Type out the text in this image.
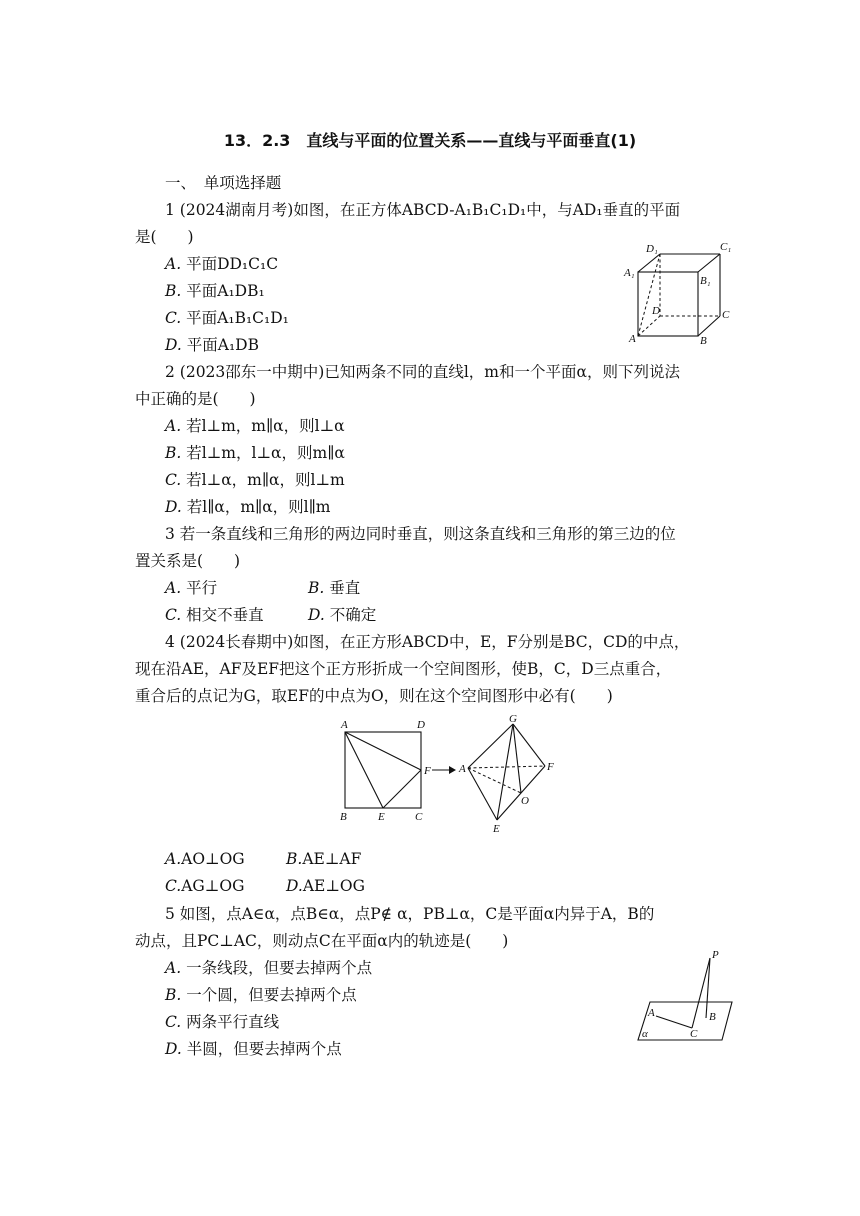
13．2.3　直线与平面的位置关系——直线与平面垂直(1)
一、　单项选择题
1 (2024湖南月考)如图，在正方体ABCD-A₁B₁C₁D₁中，与AD₁垂直的平面
是(　　)
A. 平面DD₁C₁C
B. 平面A₁DB₁
C. 平面A₁B₁C₁D₁
D. 平面A₁DB
D₁	C₁
A₁
B₁
D	C
A	B
2 (2023邵东一中期中)已知两条不同的直线l，m和一个平面α，则下列说法
中正确的是(　　)
A. 若l⊥m，m∥α，则l⊥α
B. 若l⊥m，l⊥α，则m∥α
C. 若l⊥α，m∥α，则l⊥m
D. 若l∥α，m∥α，则l∥m
3 若一条直线和三角形的两边同时垂直，则这条直线和三角形的第三边的位
置关系是(　　)
A. 平行	B. 垂直
C. 相交不垂直	D. 不确定
4 (2024长春期中)如图，在正方形ABCD中，E，F分别是BC，CD的中点，
现在沿AE，AF及EF把这个正方形折成一个空间图形，使B，C，D三点重合，
重合后的点记为G，取EF的中点为O，则在这个空间图形中必有(　　)
A	D
F
B	E	C
G
A	F
O
E
A.AO⊥OG	B.AE⊥AF
C.AG⊥OG	D.AE⊥OG
5 如图，点A∈α，点B∈α，点P∉ α，PB⊥α，C是平面α内异于A，B的
动点，且PC⊥AC，则动点C在平面α内的轨迹是(　　)
A. 一条线段，但要去掉两个点
B. 一个圆，但要去掉两个点
C. 两条平行直线
D. 半圆，但要去掉两个点
P
A	B
C
α
